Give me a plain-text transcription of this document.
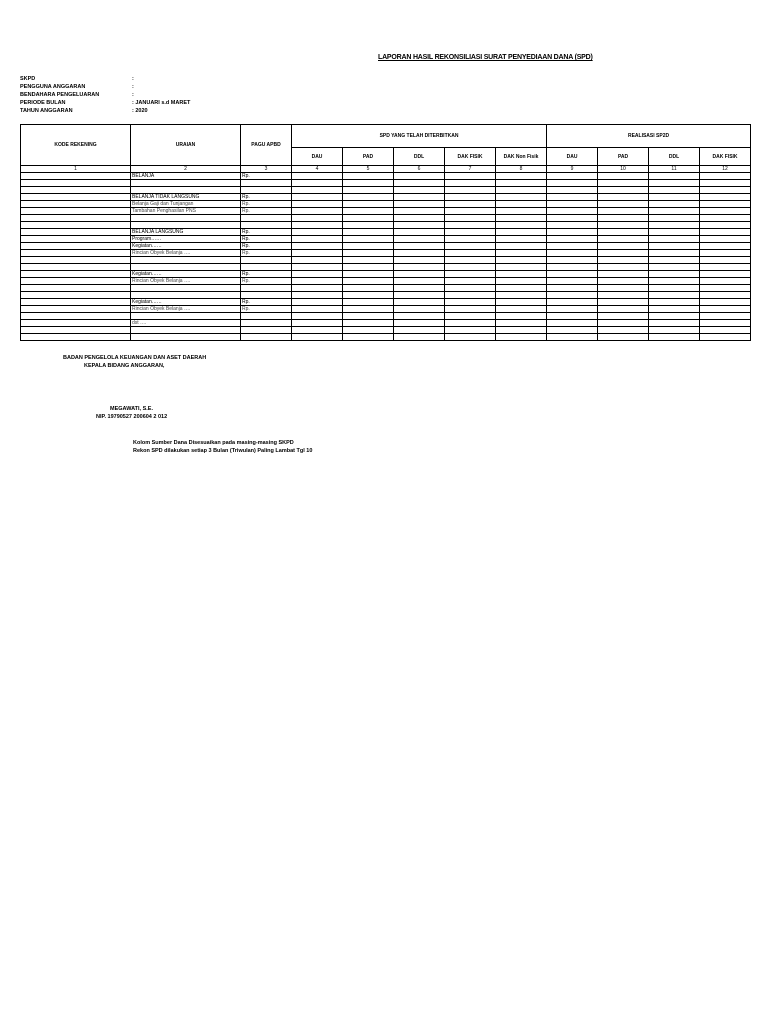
LAPORAN HASIL REKONSILIASI SURAT PENYEDIAAN DANA (SPD)
SKPD	:
PENGGUNA ANGGARAN	:
BENDAHARA PENGELUARAN	:
PERIODE BULAN	: JANUARI s.d MARET
TAHUN ANGGARAN	: 2020
KODE REKENING	URAIAN	PAGU APBD	SPD YANG TELAH DITERBITKAN					REALISASI SP2D			
			DAU	PAD	DDL	DAK FISIK	DAK Non Fisik	DAU	PAD	DDL	DAK FISIK
1	2	3	4	5	6	7	8	9	10	11	12
	BELANJA	Rp.									

	BELANJA TIDAK LANGSUNG	Rp.									
	Belanja Gaji dan Tunjangan	Rp.									
	Tambahan Penghasilan PNS	Rp.									

	BELANJA LANGSUNG	Rp.									
	Program……	Rp.									
	Kegiatan……	Rp.									
	Rincian Obyek Belanja ….	Rp.									

	Kegiatan……	Rp.									
	Rincian Obyek Belanja ….	Rp.									

	Kegiatan……	Rp.									
	Rincian Obyek Belanja ….	Rp.									

	dst ….										

BADAN PENGELOLA KEUANGAN DAN ASET DAERAH
KEPALA BIDANG ANGGARAN,
MEGAWATI, S.E.
NIP. 19790527 200604 2 012
Kolom Sumber Dana Disesuaikan pada masing-masing SKPD
Rekon SPD dilakukan setiap 3 Bulan (Triwulan) Paling Lambat Tgl 10
